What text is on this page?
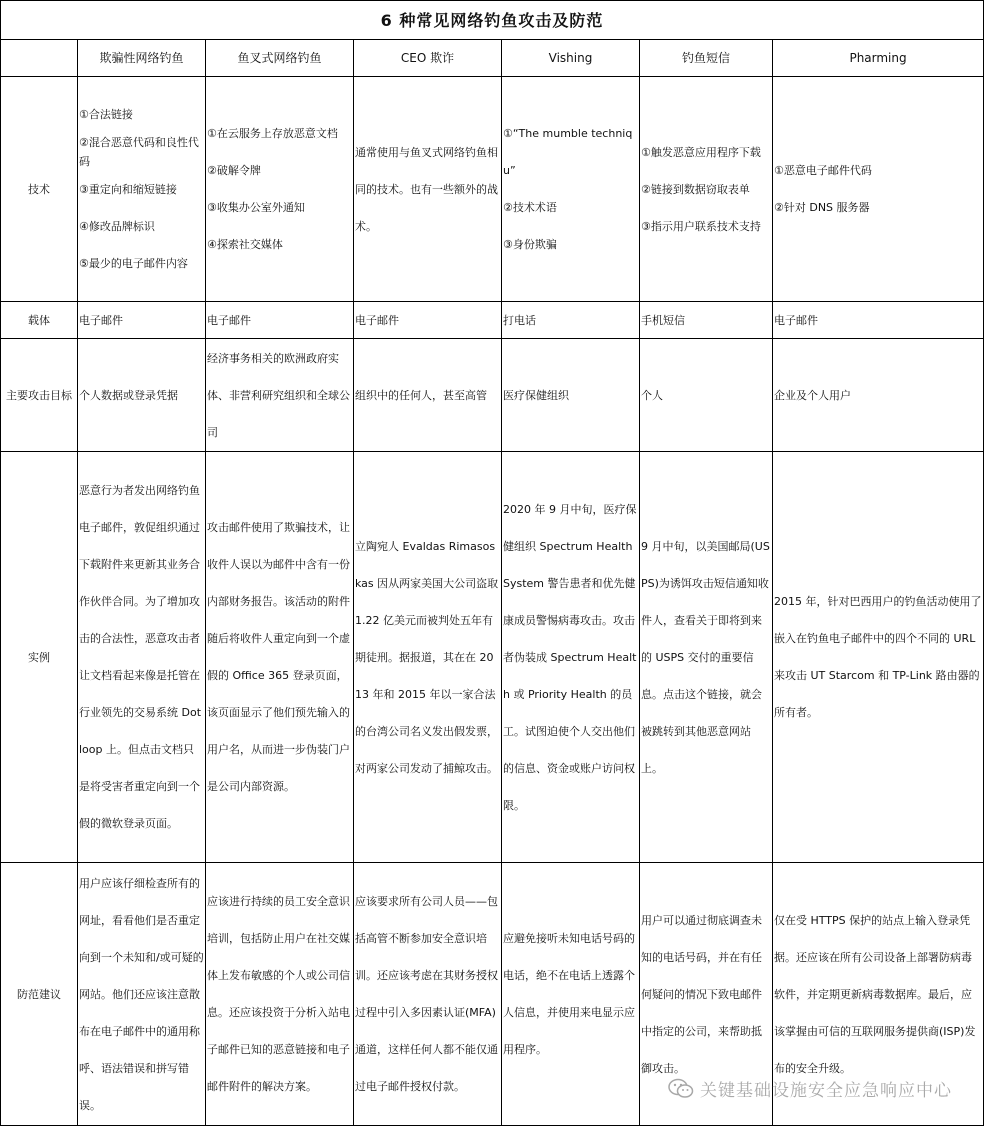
6 种常见网络钓鱼攻击及防范						
	欺骗性网络钓鱼	鱼叉式网络钓鱼	CEO 欺诈	Vishing	钓鱼短信	Pharming
技术	①合法链接
②混合恶意代码和良性代码
③重定向和缩短链接
④修改品牌标识
⑤最少的电子邮件内容	①在云服务上存放恶意文档
②破解令牌
③收集办公室外通知
④探索社交媒体	通常使用与鱼叉式网络钓鱼相同的技术。也有一些额外的战术。	①“The mumble techniqu”
②技术术语
③身份欺骗	①触发恶意应用程序下载
②链接到数据窃取表单
③指示用户联系技术支持	①恶意电子邮件代码
②针对 DNS 服务器

载体	电子邮件	电子邮件	电子邮件	打电话	手机短信	电子邮件
主要攻击目标	个人数据或登录凭据	经济事务相关的欧洲政府实体、非营利研究组织和全球公司	组织中的任何人，甚至高管	医疗保健组织	个人	企业及个人用户
实例	恶意行为者发出网络钓鱼电子邮件，敦促组织通过下载附件来更新其业务合作伙伴合同。为了增加攻击的合法性，恶意攻击者让文档看起来像是托管在行业领先的交易系统 Dotloop 上。但点击文档只是将受害者重定向到一个假的微软登录页面。	攻击邮件使用了欺骗技术，让收件人误以为邮件中含有一份内部财务报告。该活动的附件随后将收件人重定向到一个虚假的 Office 365 登录页面，该页面显示了他们预先输入的用户名，从而进一步伪装门户是公司内部资源。	立陶宛人 Evaldas Rimasoskas 因从两家美国大公司盗取 1.22 亿美元而被判处五年有期徒刑。据报道，其在在 2013 年和 2015 年以一家合法的台湾公司名义发出假发票，对两家公司发动了捕鲸攻击。	2020 年 9 月中旬，医疗保健组织 Spectrum Health System 警告患者和优先健康成员警惕病毒攻击。攻击者伪装成 Spectrum Health 或 Priority Health 的员工。试图迫使个人交出他们的信息、资金或账户访问权限。	9 月中旬，以美国邮局(USPS)为诱饵攻击短信通知收件人，查看关于即将到来的 USPS 交付的重要信息。点击这个链接，就会被跳转到其他恶意网站上。	2015 年，针对巴西用户的钓鱼活动使用了嵌入在钓鱼电子邮件中的四个不同的 URL 来攻击 UT Starcom 和 TP-Link 路由器的所有者。
防范建议	用户应该仔细检查所有的网址，看看他们是否重定向到一个未知和/或可疑的网站。他们还应该注意散布在电子邮件中的通用称呼、语法错误和拼写错误。	应该进行持续的员工安全意识培训，包括防止用户在社交媒体上发布敏感的个人或公司信息。还应该投资于分析入站电子邮件已知的恶意链接和电子邮件附件的解决方案。	应该要求所有公司人员——包括高管不断参加安全意识培训。还应该考虑在其财务授权过程中引入多因素认证(MFA)通道，这样任何人都不能仅通过电子邮件授权付款。	应避免接听未知电话号码的电话，绝不在电话上透露个人信息，并使用来电显示应用程序。	用户可以通过彻底调查未知的电话号码，并在有任何疑问的情况下致电邮件中指定的公司，来帮助抵御攻击。	仅在受 HTTPS 保护的站点上输入登录凭据。还应该在所有公司设备上部署防病毒软件，并定期更新病毒数据库。最后，应该掌握由可信的互联网服务提供商(ISP)发布的安全升级。
关键基础设施安全应急响应中心
